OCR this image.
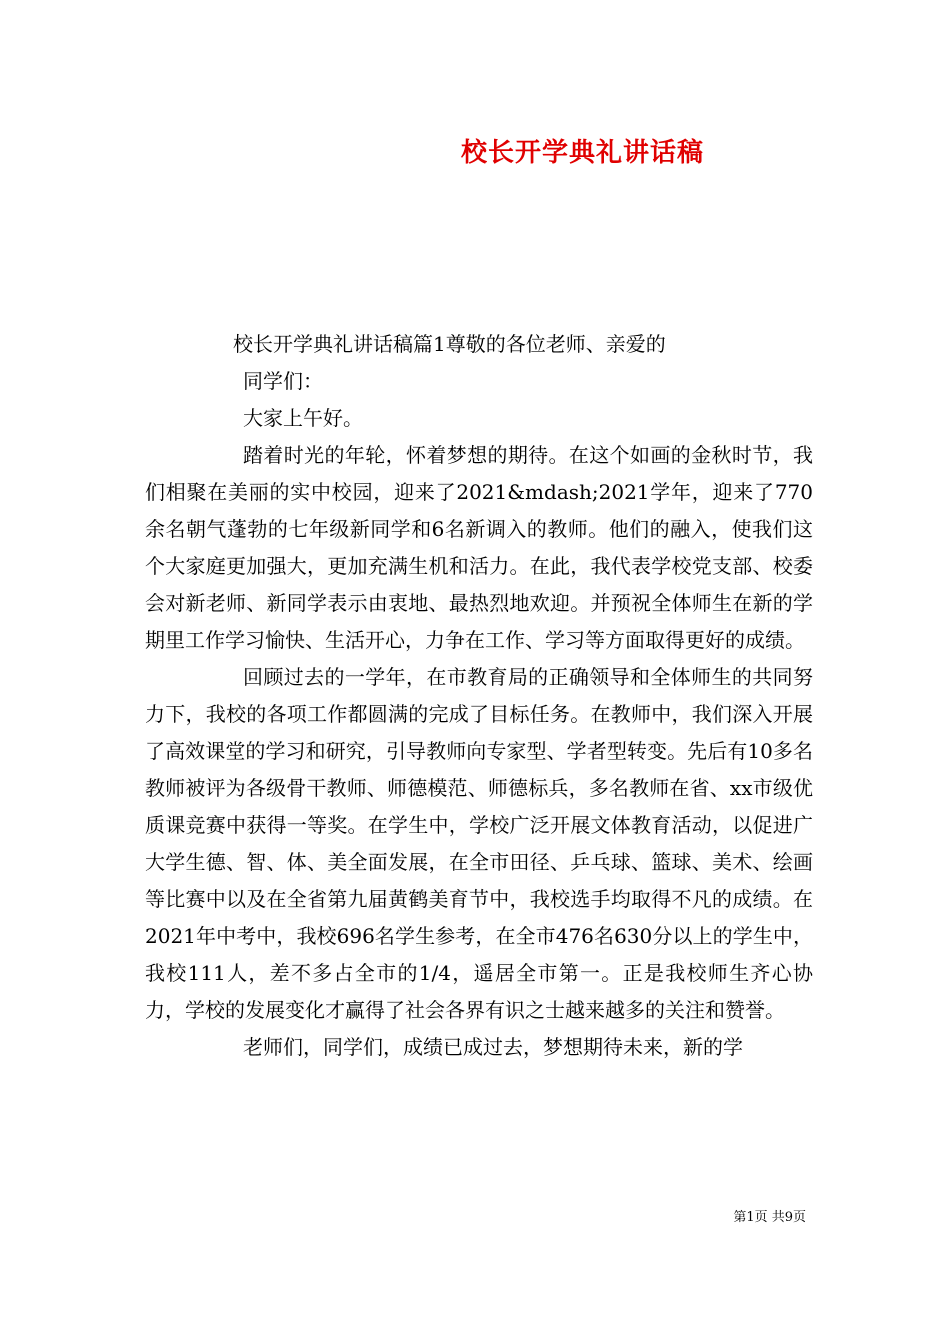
校长开学典礼讲话稿

校长开学典礼讲话稿篇1尊敬的各位老师、亲爱的

同学们：

大家上午好。

踏着时光的年轮，怀着梦想的期待。在这个如画的金秋时节，我们相聚在美丽的实中校园，迎来了2021&mdash;2021学年，迎来了770余名朝气蓬勃的七年级新同学和6名新调入的教师。他们的融入，使我们这个大家庭更加强大，更加充满生机和活力。在此，我代表学校党支部、校委会对新老师、新同学表示由衷地、最热烈地欢迎。并预祝全体师生在新的学期里工作学习愉快、生活开心，力争在工作、学习等方面取得更好的成绩。

回顾过去的一学年，在市教育局的正确领导和全体师生的共同努力下，我校的各项工作都圆满的完成了目标任务。在教师中，我们深入开展了高效课堂的学习和研究，引导教师向专家型、学者型转变。先后有10多名教师被评为各级骨干教师、师德模范、师德标兵，多名教师在省、xx市级优质课竞赛中获得一等奖。在学生中，学校广泛开展文体教育活动，以促进广大学生德、智、体、美全面发展，在全市田径、乒乓球、篮球、美术、绘画等比赛中以及在全省第九届黄鹤美育节中，我校选手均取得不凡的成绩。在2021年中考中，我校696名学生参考，在全市476名630分以上的学生中，我校111人，差不多占全市的1/4，遥居全市第一。正是我校师生齐心协力，学校的发展变化才赢得了社会各界有识之士越来越多的关注和赞誉。

老师们，同学们，成绩已成过去，梦想期待未来，新的学

第1页 共9页
